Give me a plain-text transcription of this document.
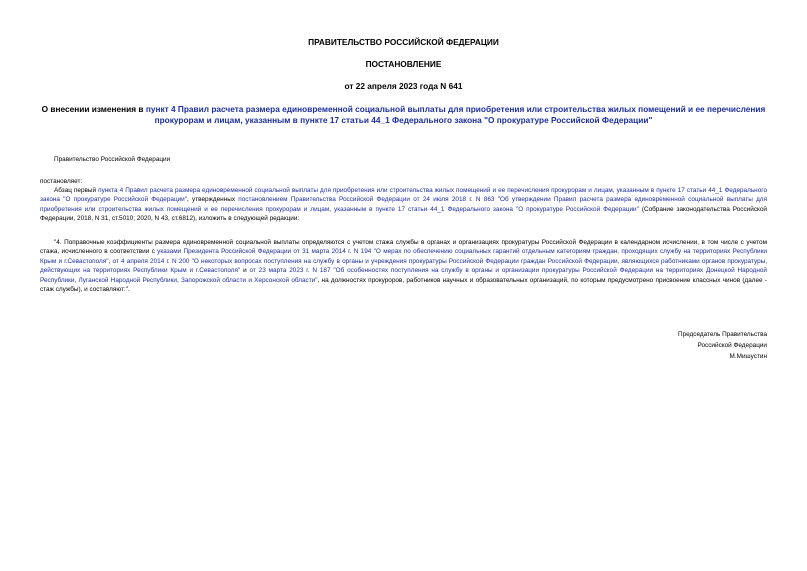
ПРАВИТЕЛЬСТВО РОССИЙСКОЙ ФЕДЕРАЦИИ
ПОСТАНОВЛЕНИЕ
от 22 апреля 2023 года N 641
О внесении изменения в пункт 4 Правил расчета размера единовременной социальной выплаты для приобретения или строительства жилых помещений и ее перечисления прокурорам и лицам, указанным в пункте 17 статьи 44_1 Федерального закона "О прокуратуре Российской Федерации"
Правительство Российской Федерации
постановляет:
Абзац первый пункта 4 Правил расчета размера единовременной социальной выплаты для приобретения или строительства жилых помещений и ее перечисления прокурорам и лицам, указанным в пункте 17 статьи 44_1 Федерального закона "О прокуратуре Российской Федерации", утвержденных постановлением Правительства Российской Федерации от 24 июля 2018 г. N 863 "Об утверждении Правил расчета размера единовременной социальной выплаты для приобретения или строительства жилых помещений и ее перечисления прокурорам и лицам, указанным в пункте 17 статьи 44_1 Федерального закона "О прокуратуре Российской Федерации" (Собрание законодательства Российской Федерации, 2018, N 31, ст.5010; 2020, N 43, ст.6812), изложить в следующей редакции:
"4. Поправочные коэффициенты размера единовременной социальной выплаты определяются с учетом стажа службы в органах и организациях прокуратуры Российской Федерации в календарном исчислении, в том числе с учетом стажа, исчисленного в соответствии с указами Президента Российской Федерации от 31 марта 2014 г. N 194 "О мерах по обеспечению социальных гарантий отдельным категориям граждан, проходящих службу на территориях Республики Крым и г.Севастополя", от 4 апреля 2014 г. N 200 "О некоторых вопросах поступления на службу в органы и учреждения прокуратуры Российской Федерации граждан Российской Федерации, являющихся работниками органов прокуратуры, действующих на территориях Республики Крым и г.Севастополя" и от 23 марта 2023 г. N 187 "Об особенностях поступления на службу в органы и организации прокуратуры Российской Федерации на территориях Донецкой Народной Республики, Луганской Народной Республики, Запорожской области и Херсонской области", на должностях прокуроров, работников научных и образовательных организаций, по которым предусмотрено присвоение классных чинов (далее - стаж службы), и составляют:".
Председатель Правительства
Российской Федерации
М.Мишустин
